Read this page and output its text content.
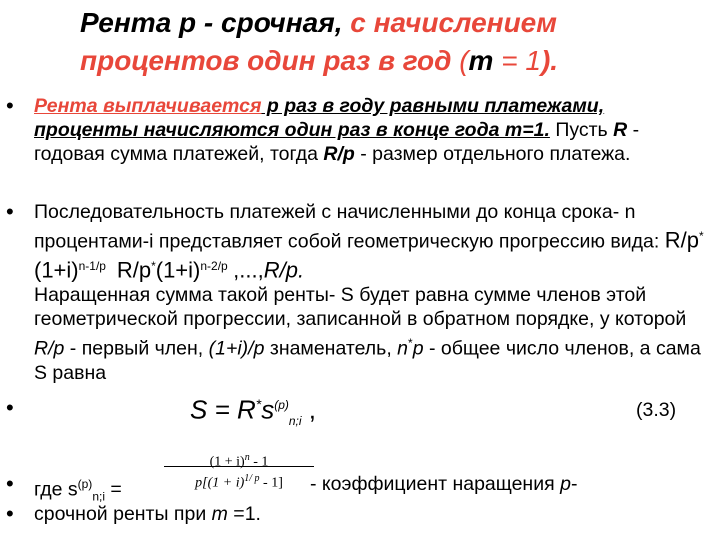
Рента p - срочная, с начислением процентов один раз в год (m = 1).
• Рента выплачивается p раз в году равными платежами, проценты начисляются один раз в конце года m=1. Пусть R - годовая сумма платежей, тогда R/p - размер отдельного платежа.
• Последовательность платежей с начисленными до конца срока- n процентами-i представляет собой геометрическую прогрессию вида: $R/p^*(1+i)^{n-1/p}$ $R/p^*(1+i)^{n-2/p}$ ,...,R/p.
Наращенная сумма такой ренты- S будет равна сумме членов этой геометрической прогрессии, записанной в обратном порядке, у которой R/p - первый член, (1+i)/p знаменатель, n*p - общее число членов, а сама S равна
•	$S = R^*s^{(p)}_{n;i}$ ,	(3.3)
• где $s^{(p)}_{n;i}$ =	$\frac{(1 + i)^n - 1}{p[(1 + i)^{1/ p} - 1]}$
- коэффициент наращения p-
• срочной ренты при m =1.
